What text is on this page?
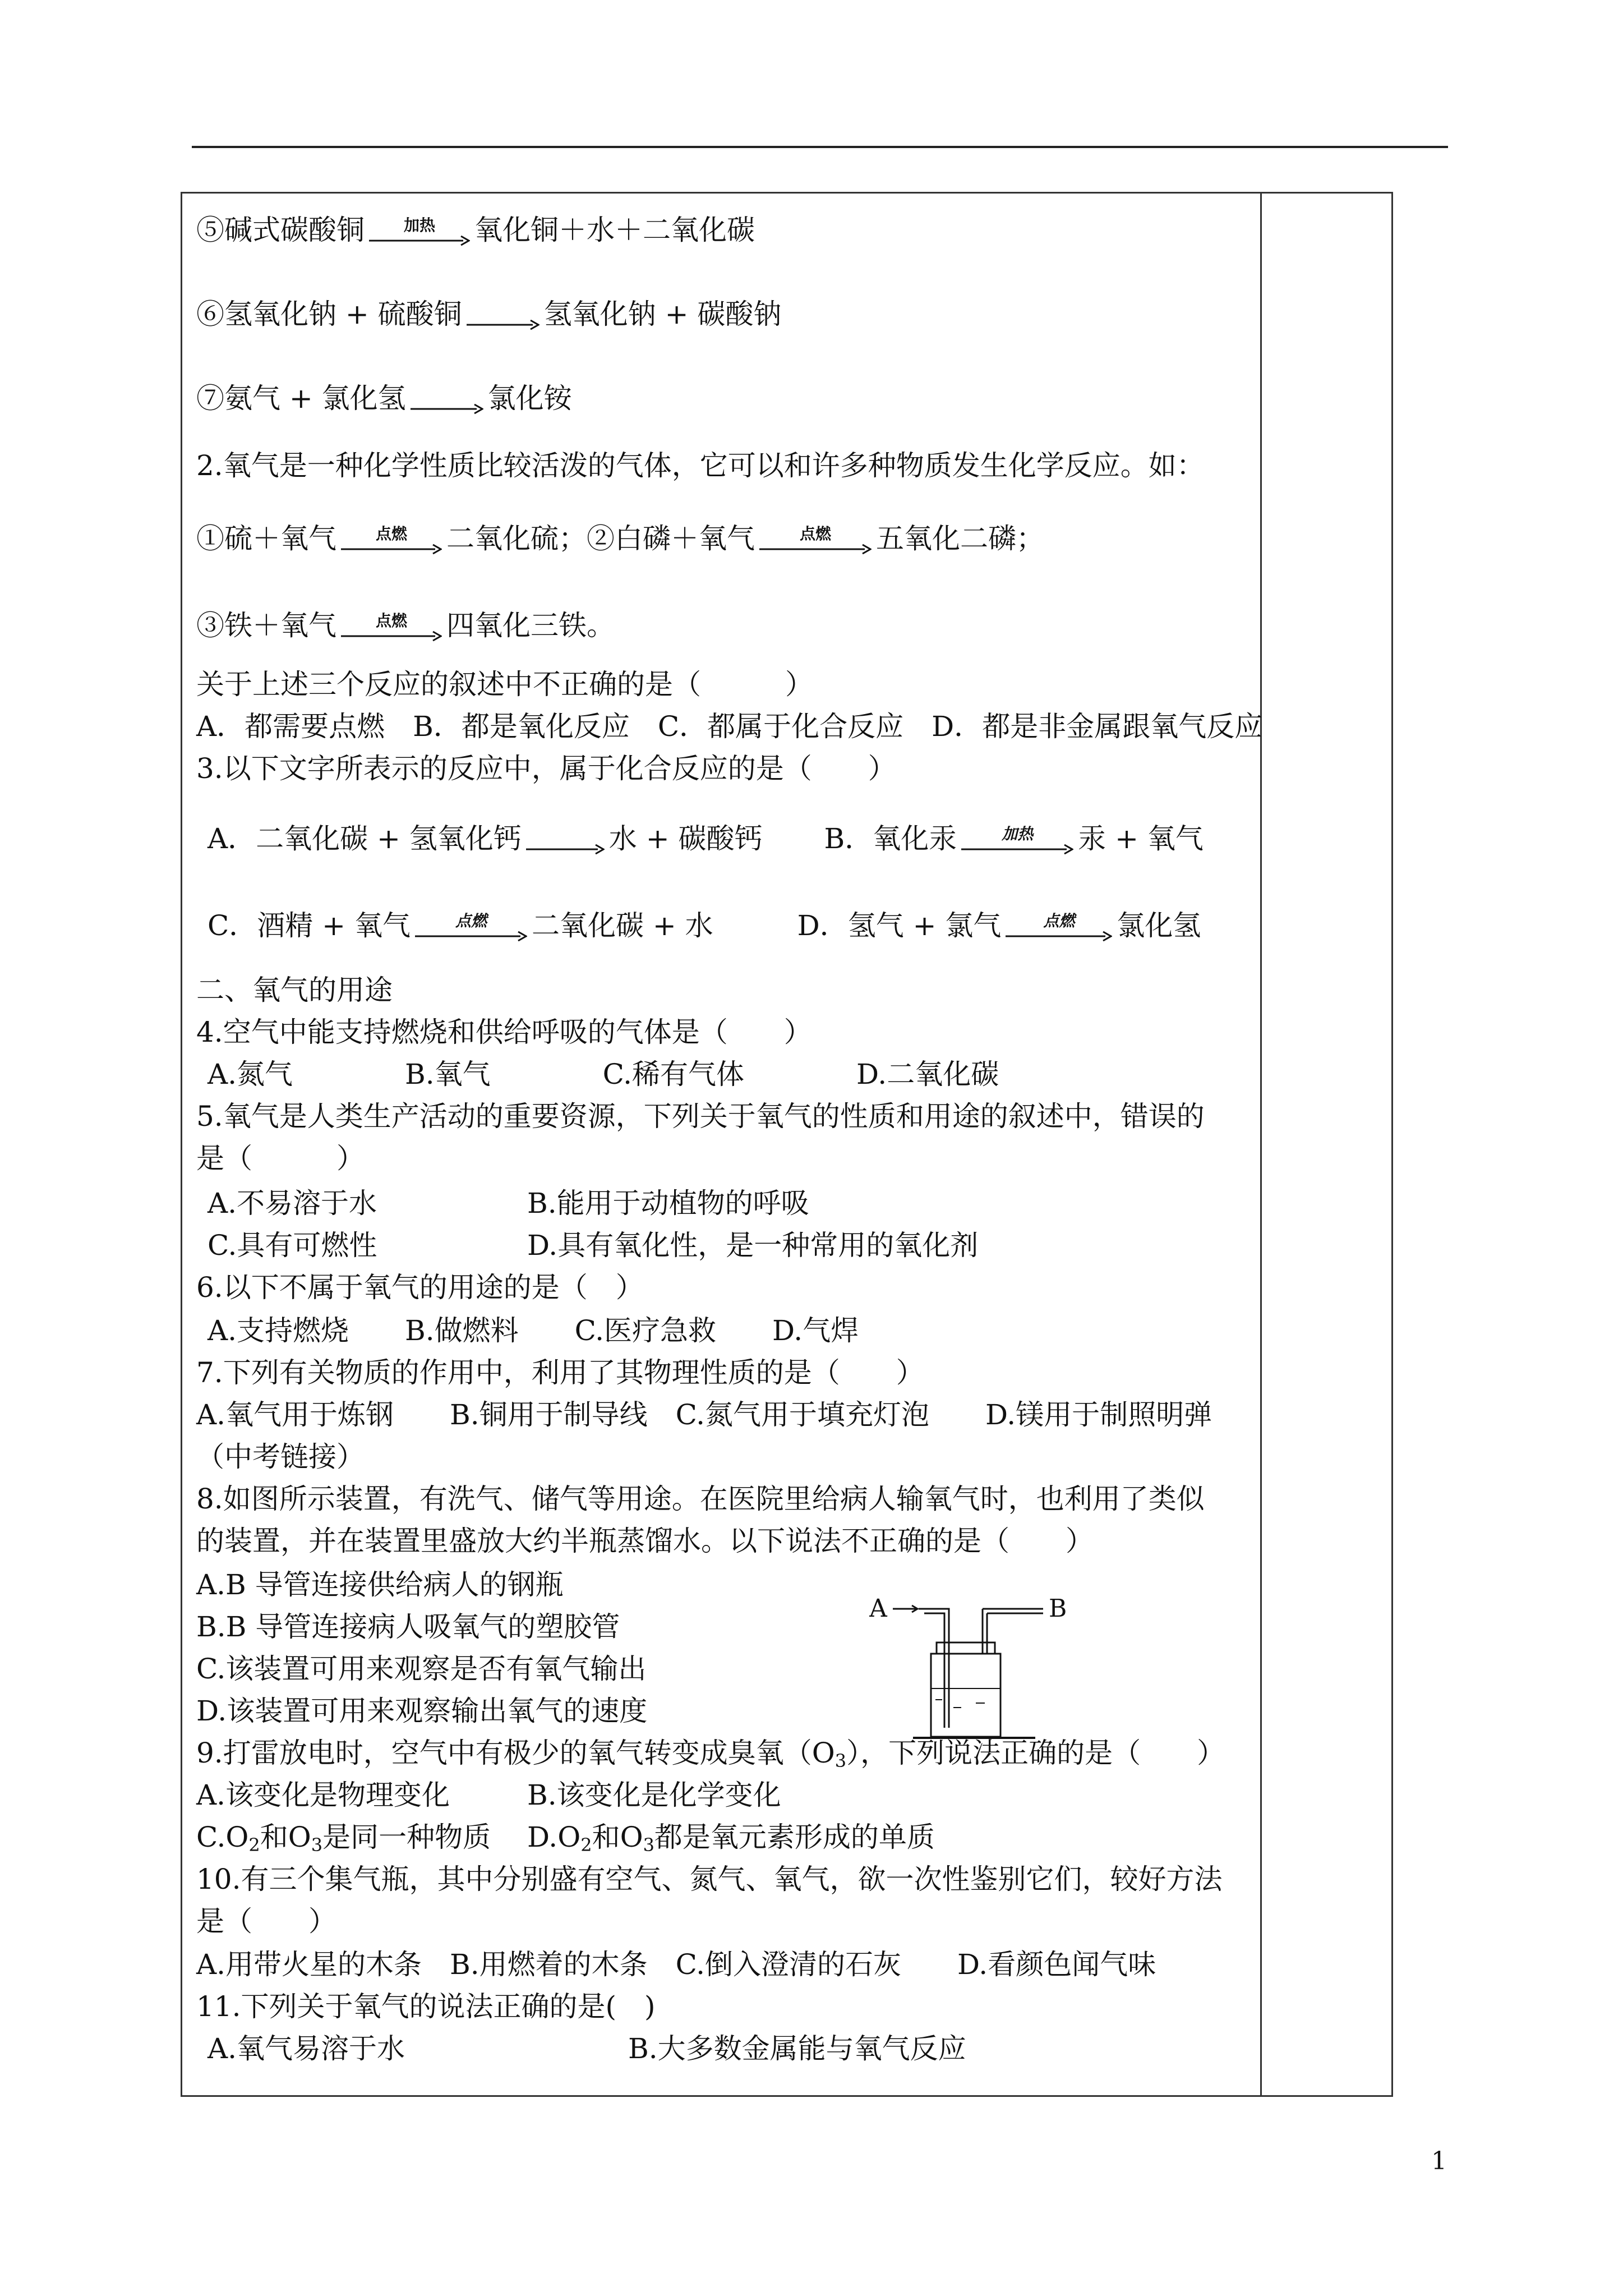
⑤碱式碳酸铜	加热	氧化铜＋水＋二氧化碳
⑥氢氧化钠 + 硫酸铜 → 氢氧化钠 + 碳酸钠
⑦氨气 + 氯化氢 → 氯化铵
2.氧气是一种化学性质比较活泼的气体，它可以和许多种物质发生化学反应。如：
①硫＋氧气	点燃	二氧化硫；②白磷＋氧气	点燃	五氧化二磷；
③铁＋氧气	点燃	四氧化三铁。
关于上述三个反应的叙述中不正确的是（　　　）
A．都需要点燃　B．都是氧化反应　C．都属于化合反应　D．都是非金属跟氧气反应
3.以下文字所表示的反应中，属于化合反应的是（　　）
A．二氧化碳 + 氢氧化钙 → 水 + 碳酸钙 B．氧化汞	加热	汞 + 氧气
C．酒精 + 氧气	点燃	二氧化碳 + 水	D．氢气 + 氯气	点燃	氯化氢
二、氧气的用途
4.空气中能支持燃烧和供给呼吸的气体是（　　）
A.氮气　　　　B.氧气　　　　C.稀有气体　　　　D.二氧化碳
5.氧气是人类生产活动的重要资源，下列关于氧气的性质和用途的叙述中，错误的
是（　　　）
A.不易溶于水	B.能用于动植物的呼吸
C.具有可燃性	D.具有氧化性，是一种常用的氧化剂
6.以下不属于氧气的用途的是（　）
A.支持燃烧　　B.做燃料　　C.医疗急救　　D.气焊
7.下列有关物质的作用中，利用了其物理性质的是（　　）
A.氧气用于炼钢　　B.铜用于制导线　C.氮气用于填充灯泡　　D.镁用于制照明弹
（中考链接）
8.如图所示装置，有洗气、储气等用途。在医院里给病人输氧气时，也利用了类似
的装置，并在装置里盛放大约半瓶蒸馏水。以下说法不正确的是（　　）
A.B 导管连接供给病人的钢瓶
B.B 导管连接病人吸氧气的塑胶管
C.该装置可用来观察是否有氧气输出
D.该装置可用来观察输出氧气的速度
9.打雷放电时，空气中有极少的氧气转变成臭氧$(O_3)$，下列说法正确的是（　　）
A.该变化是物理变化	B.该变化是化学变化
$C.O_2$和$O_3$是同一种物质 $D.O_2$和$O_3$都是氧元素形成的单质
10.有三个集气瓶，其中分别盛有空气、氮气、氧气，欲一次性鉴别它们，较好方法
是（　　）
A.用带火星的木条　B.用燃着的木条　C.倒入澄清的石灰　　D.看颜色闻气味
11.下列关于氧气的说法正确的是(　)
A.氧气易溶于水	B.大多数金属能与氧气反应
A	B
1
